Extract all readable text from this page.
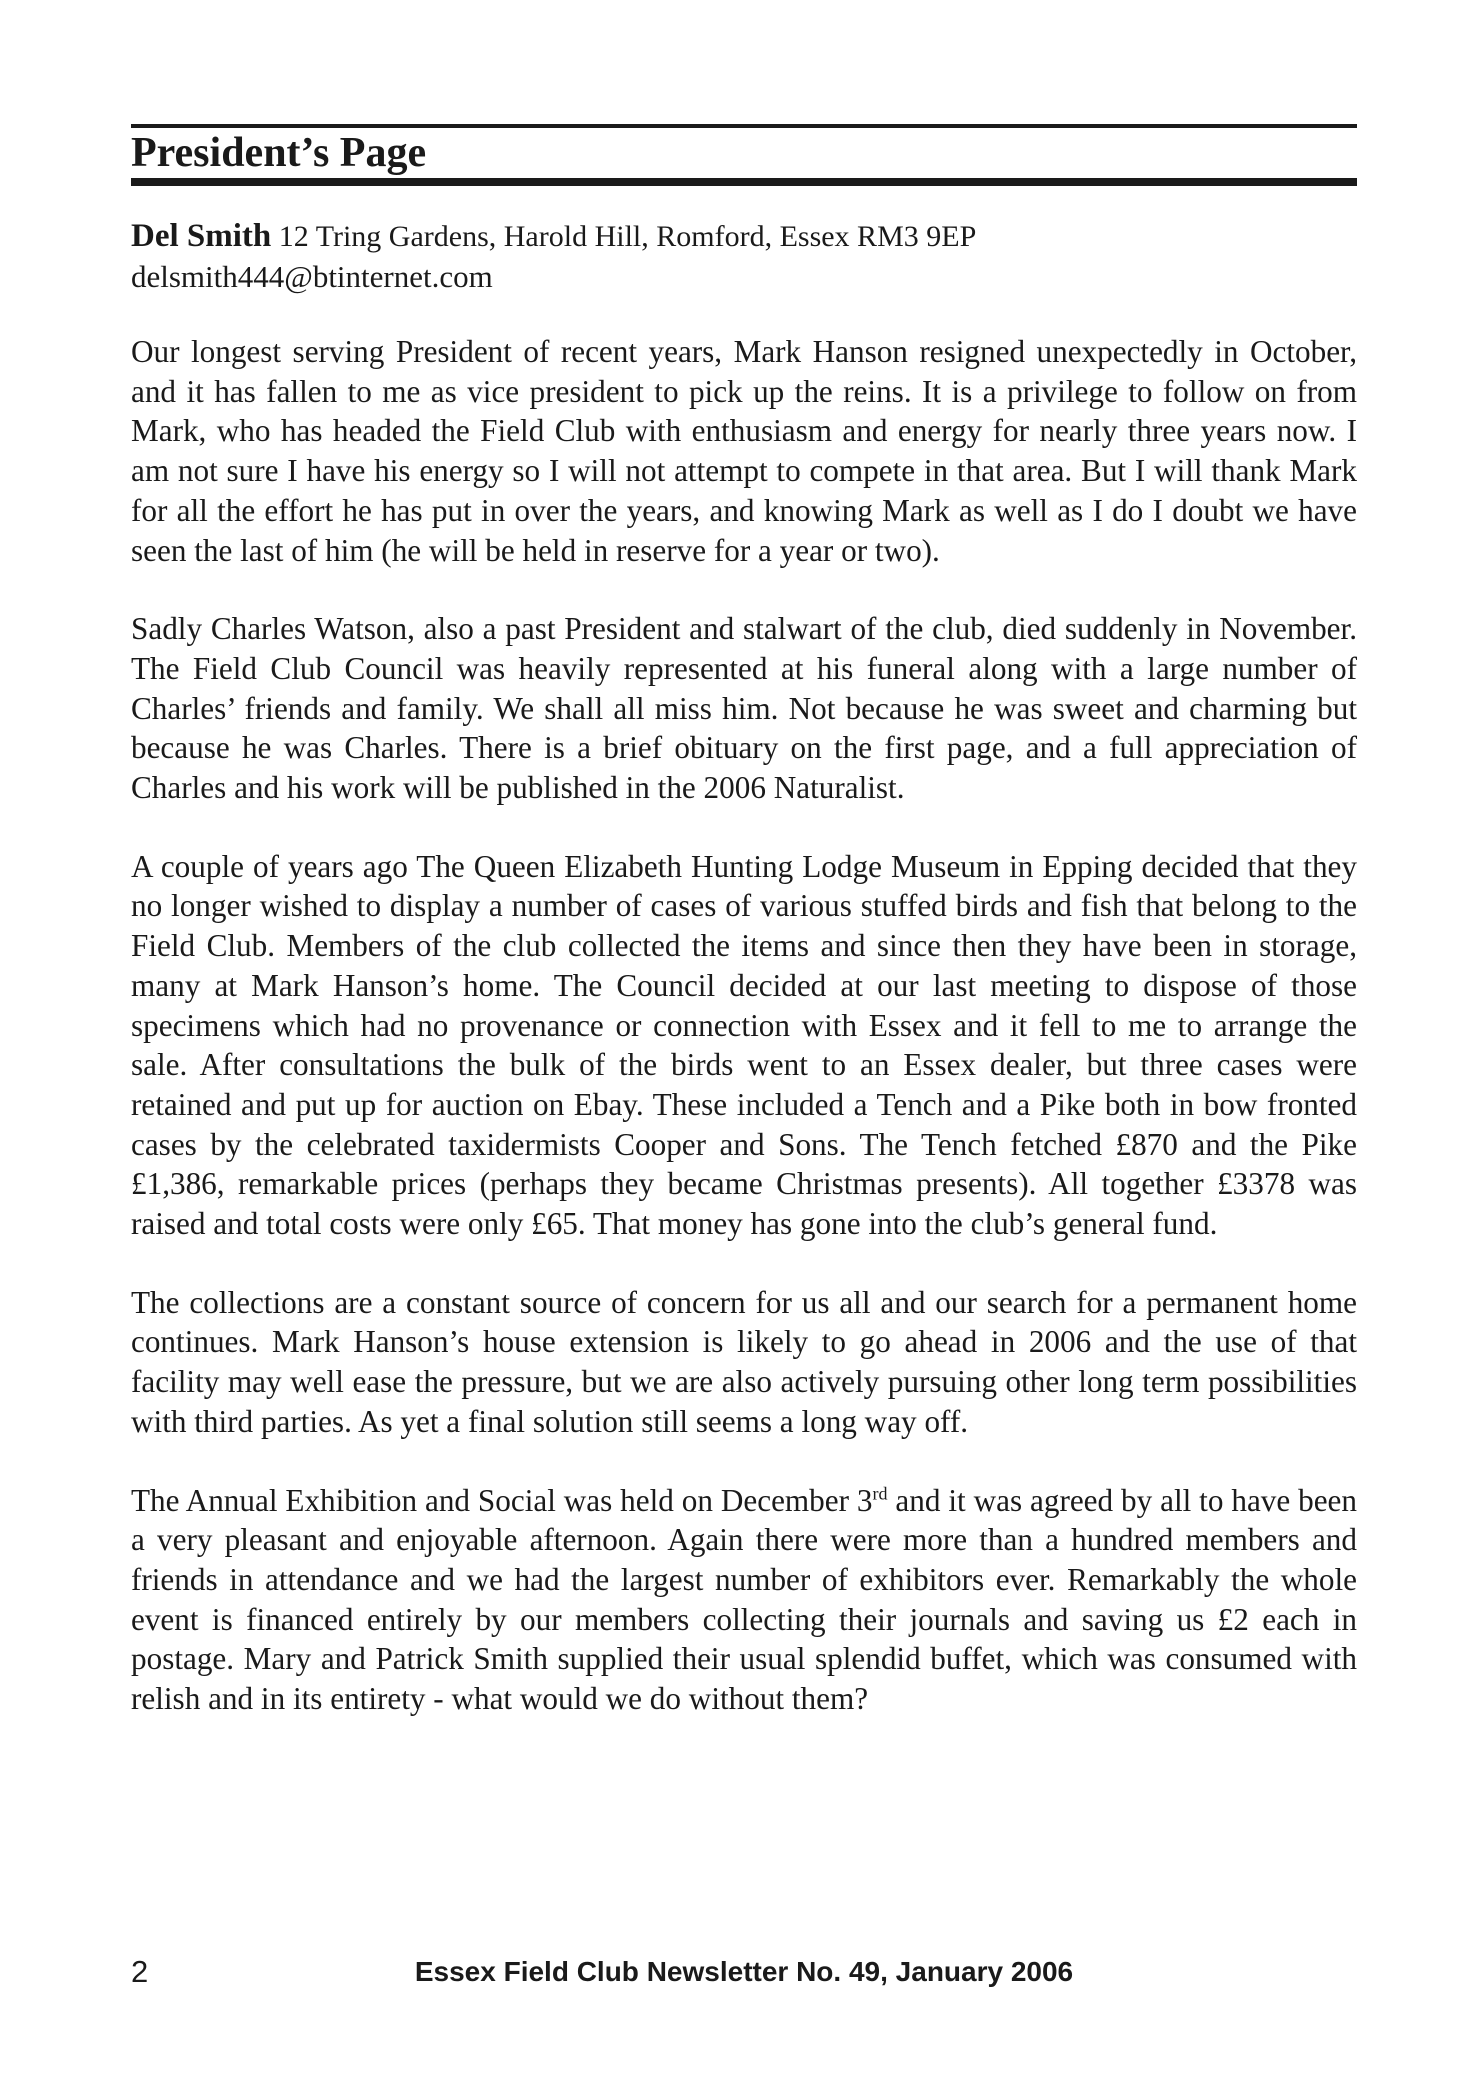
President’s Page
Del Smith 12 Tring Gardens, Harold Hill, Romford, Essex RM3 9EP
delsmith444@btinternet.com

Our longest serving President of recent years, Mark Hanson resigned unexpectedly in October, and it has fallen to me as vice president to pick up the reins. It is a privilege to follow on from Mark, who has headed the Field Club with enthusiasm and energy for nearly three years now. I am not sure I have his energy so I will not attempt to compete in that area. But I will thank Mark for all the effort he has put in over the years, and knowing Mark as well as I do I doubt we have seen the last of him (he will be held in reserve for a year or two).

Sadly Charles Watson, also a past President and stalwart of the club, died suddenly in November. The Field Club Council was heavily represented at his funeral along with a large number of Charles’ friends and family. We shall all miss him. Not because he was sweet and charming but because he was Charles. There is a brief obituary on the first page, and a full appreciation of Charles and his work will be published in the 2006 Naturalist.

A couple of years ago The Queen Elizabeth Hunting Lodge Museum in Epping decided that they no longer wished to display a number of cases of various stuffed birds and fish that belong to the Field Club. Members of the club collected the items and since then they have been in storage, many at Mark Hanson’s home. The Council decided at our last meeting to dispose of those specimens which had no provenance or connection with Essex and it fell to me to arrange the sale. After consultations the bulk of the birds went to an Essex dealer, but three cases were retained and put up for auction on Ebay. These included a Tench and a Pike both in bow fronted cases by the celebrated taxidermists Cooper and Sons. The Tench fetched £870 and the Pike £1,386, remarkable prices (perhaps they became Christmas presents). All together £3378 was raised and total costs were only £65. That money has gone into the club’s general fund.

The collections are a constant source of concern for us all and our search for a permanent home continues. Mark Hanson’s house extension is likely to go ahead in 2006 and the use of that facility may well ease the pressure, but we are also actively pursuing other long term possibilities with third parties. As yet a final solution still seems a long way off.

The Annual Exhibition and Social was held on December 3rd and it was agreed by all to have been a very pleasant and enjoyable afternoon. Again there were more than a hundred members and friends in attendance and we had the largest number of exhibitors ever. Remarkably the whole event is financed entirely by our members collecting their journals and saving us £2 each in postage. Mary and Patrick Smith supplied their usual splendid buffet, which was consumed with relish and in its entirety - what would we do without them?

2	Essex Field Club Newsletter No. 49, January 2006
